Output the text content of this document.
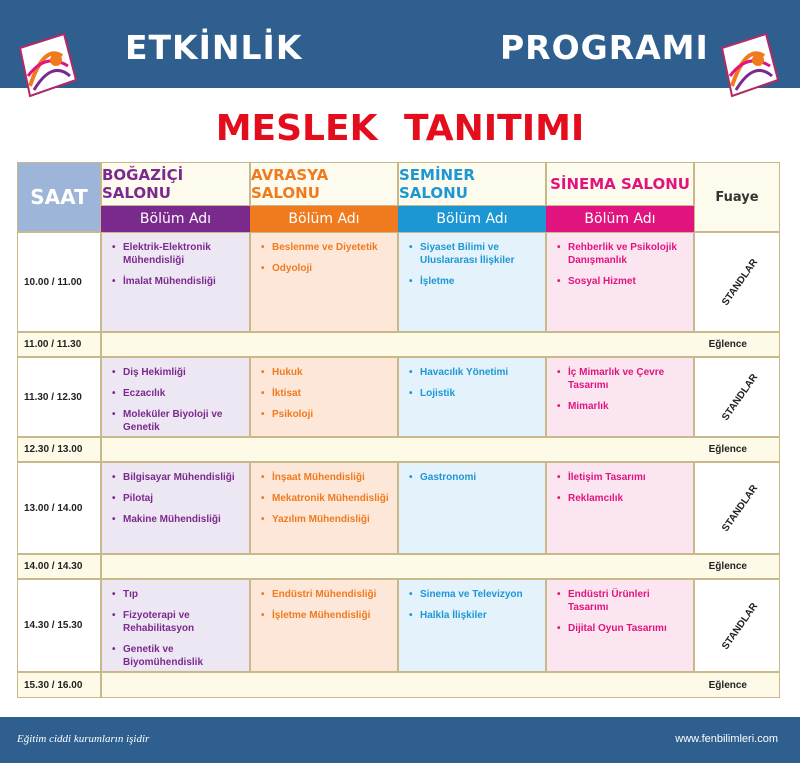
ETKİNLİK	PROGRAMI
MESLEK TANITIMI
SAAT
BOĞAZİÇİ SALONU
Bölüm Adı
AVRASYA SALONU
Bölüm Adı
SEMİNER SALONU
Bölüm Adı
SİNEMA SALONU
Bölüm Adı
Fuaye
10.00 / 11.00
• Elektrik-Elektronik Mühendisliği
• İmalat Mühendisliği
• Beslenme ve Diyetetik
• Odyoloji
• Siyaset Bilimi ve Uluslararası İlişkiler
• İşletme
• Rehberlik ve Psikolojik Danışmanlık
• Sosyal Hizmet	STANDLAR
11.00 / 11.30	Eğlence
11.30 / 12.30
• Diş Hekimliği
• Eczacılık
• Moleküler Biyoloji ve Genetik
• Hukuk
• İktisat
• Psikoloji
• Havacılık Yönetimi
• Lojistik
• İç Mimarlık ve Çevre Tasarımı
• Mimarlık	STANDLAR
12.30 / 13.00	Eğlence
13.00 / 14.00
• Bilgisayar Mühendisliği
• Pilotaj
• Makine Mühendisliği
• İnşaat Mühendisliği
• Mekatronik Mühendisliği
• Yazılım Mühendisliği
• Gastronomi
•	İletişim Tasarımı
• Reklamcılık	STANDLAR
14.00 / 14.30	Eğlence
14.30 / 15.30
• Tıp
• Fizyoterapi ve Rehabilitasyon
• Genetik ve Biyomühendislik
• Endüstri Mühendisliği
• İşletme Mühendisliği
• Sinema ve Televizyon
• Halkla İlişkiler
• Endüstri Ürünleri Tasarımı
• Dijital Oyun Tasarımı	STANDLAR
15.30 / 16.00	Eğlence
Eğitim ciddi kurumların işidir	www.fenbilimleri.com
